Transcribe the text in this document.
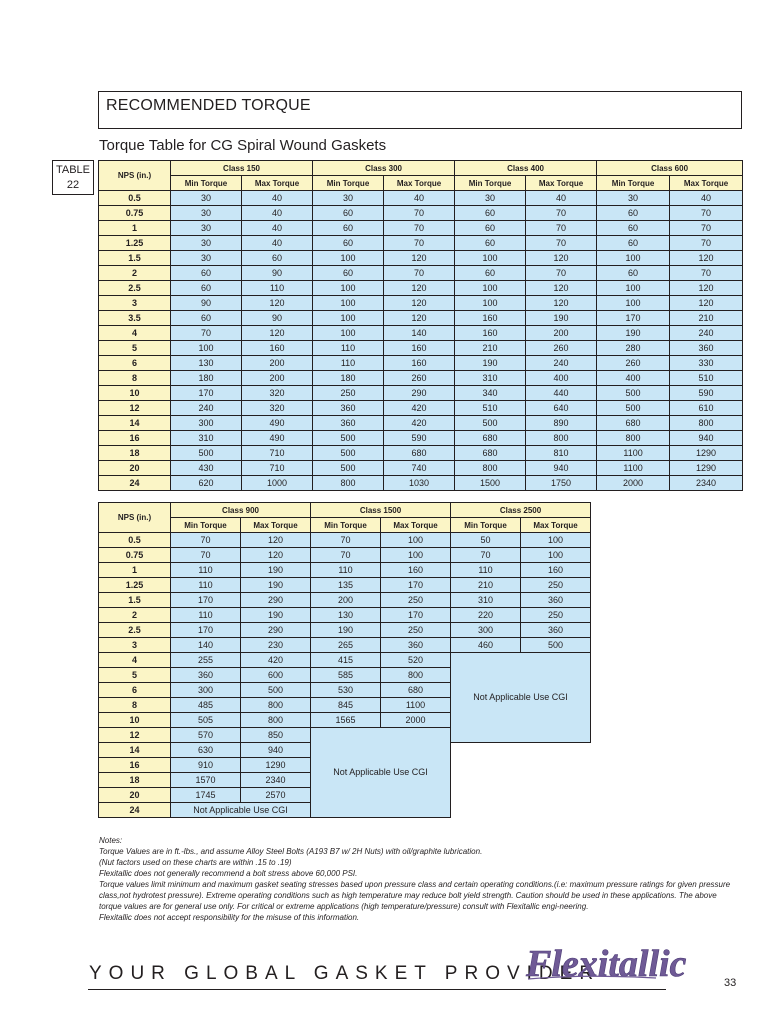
RECOMMENDED TORQUE
Torque Table for CG Spiral Wound Gaskets
TABLE
22
NPS (in.)	Class 150		Class 300		Class 400		Class 600	
	Min Torque	Max Torque	Min Torque	Max Torque	Min Torque	Max Torque	Min Torque	Max Torque
0.5	30	40	30	40	30	40	30	40
0.75	30	40	60	70	60	70	60	70
1	30	40	60	70	60	70	60	70
1.25	30	40	60	70	60	70	60	70
1.5	30	60	100	120	100	120	100	120
2	60	90	60	70	60	70	60	70
2.5	60	110	100	120	100	120	100	120
3	90	120	100	120	100	120	100	120
3.5	60	90	100	120	160	190	170	210
4	70	120	100	140	160	200	190	240
5	100	160	110	160	210	260	280	360
6	130	200	110	160	190	240	260	330
8	180	200	180	260	310	400	400	510
10	170	320	250	290	340	440	500	590
12	240	320	360	420	510	640	500	610
14	300	490	360	420	500	890	680	800
16	310	490	500	590	680	800	800	940
18	500	710	500	680	680	810	1100	1290
20	430	710	500	740	800	940	1100	1290
24	620	1000	800	1030	1500	1750	2000	2340
NPS (in.)	Class 900		Class 1500		Class 2500	
	Min Torque	Max Torque	Min Torque	Max Torque	Min Torque	Max Torque
0.5	70	120	70	100	50	100
0.75	70	120	70	100	70	100
1	110	190	110	160	110	160
1.25	110	190	135	170	210	250
1.5	170	290	200	250	310	360
2	110	190	130	170	220	250
2.5	170	290	190	250	300	360
3	140	230	265	360	460	500
4	255	420	415	520	Not Applicable Use CGI	
5	360	600	585	800		
6	300	500	530	680		
8	485	800	845	1100		
10	505	800	1565	2000		
12	570	850	Not Applicable Use CGI			
14	630	940				
16	910	1290				
18	1570	2340				
20	1745	2570				
24	Not Applicable Use CGI					
Notes:
Torque Values are in ft.-lbs., and assume Alloy Steel Bolts (A193 B7 w/ 2H Nuts) with oil/graphite lubrication.
(Nut factors used on these charts are within .15 to .19)
Flexitallic does not generally recommend a bolt stress above 60,000 PSI.
Torque values limit minimum and maximum gasket seating stresses based upon pressure class and certain operating conditions.(i.e: maximum pressure ratings for given pressure class,not hydrotest pressure). Extreme operating conditions such as high temperature may reduce bolt yield strength. Caution should be used in these applications. The above torque values are for general use only. For critical or extreme applications (high temperature/pressure) consult with Flexitallic engi-neering.
Flexitallic does not accept responsibility for the misuse of this information.
YOUR GLOBAL GASKET PROVIDER
Flexitallic	33
